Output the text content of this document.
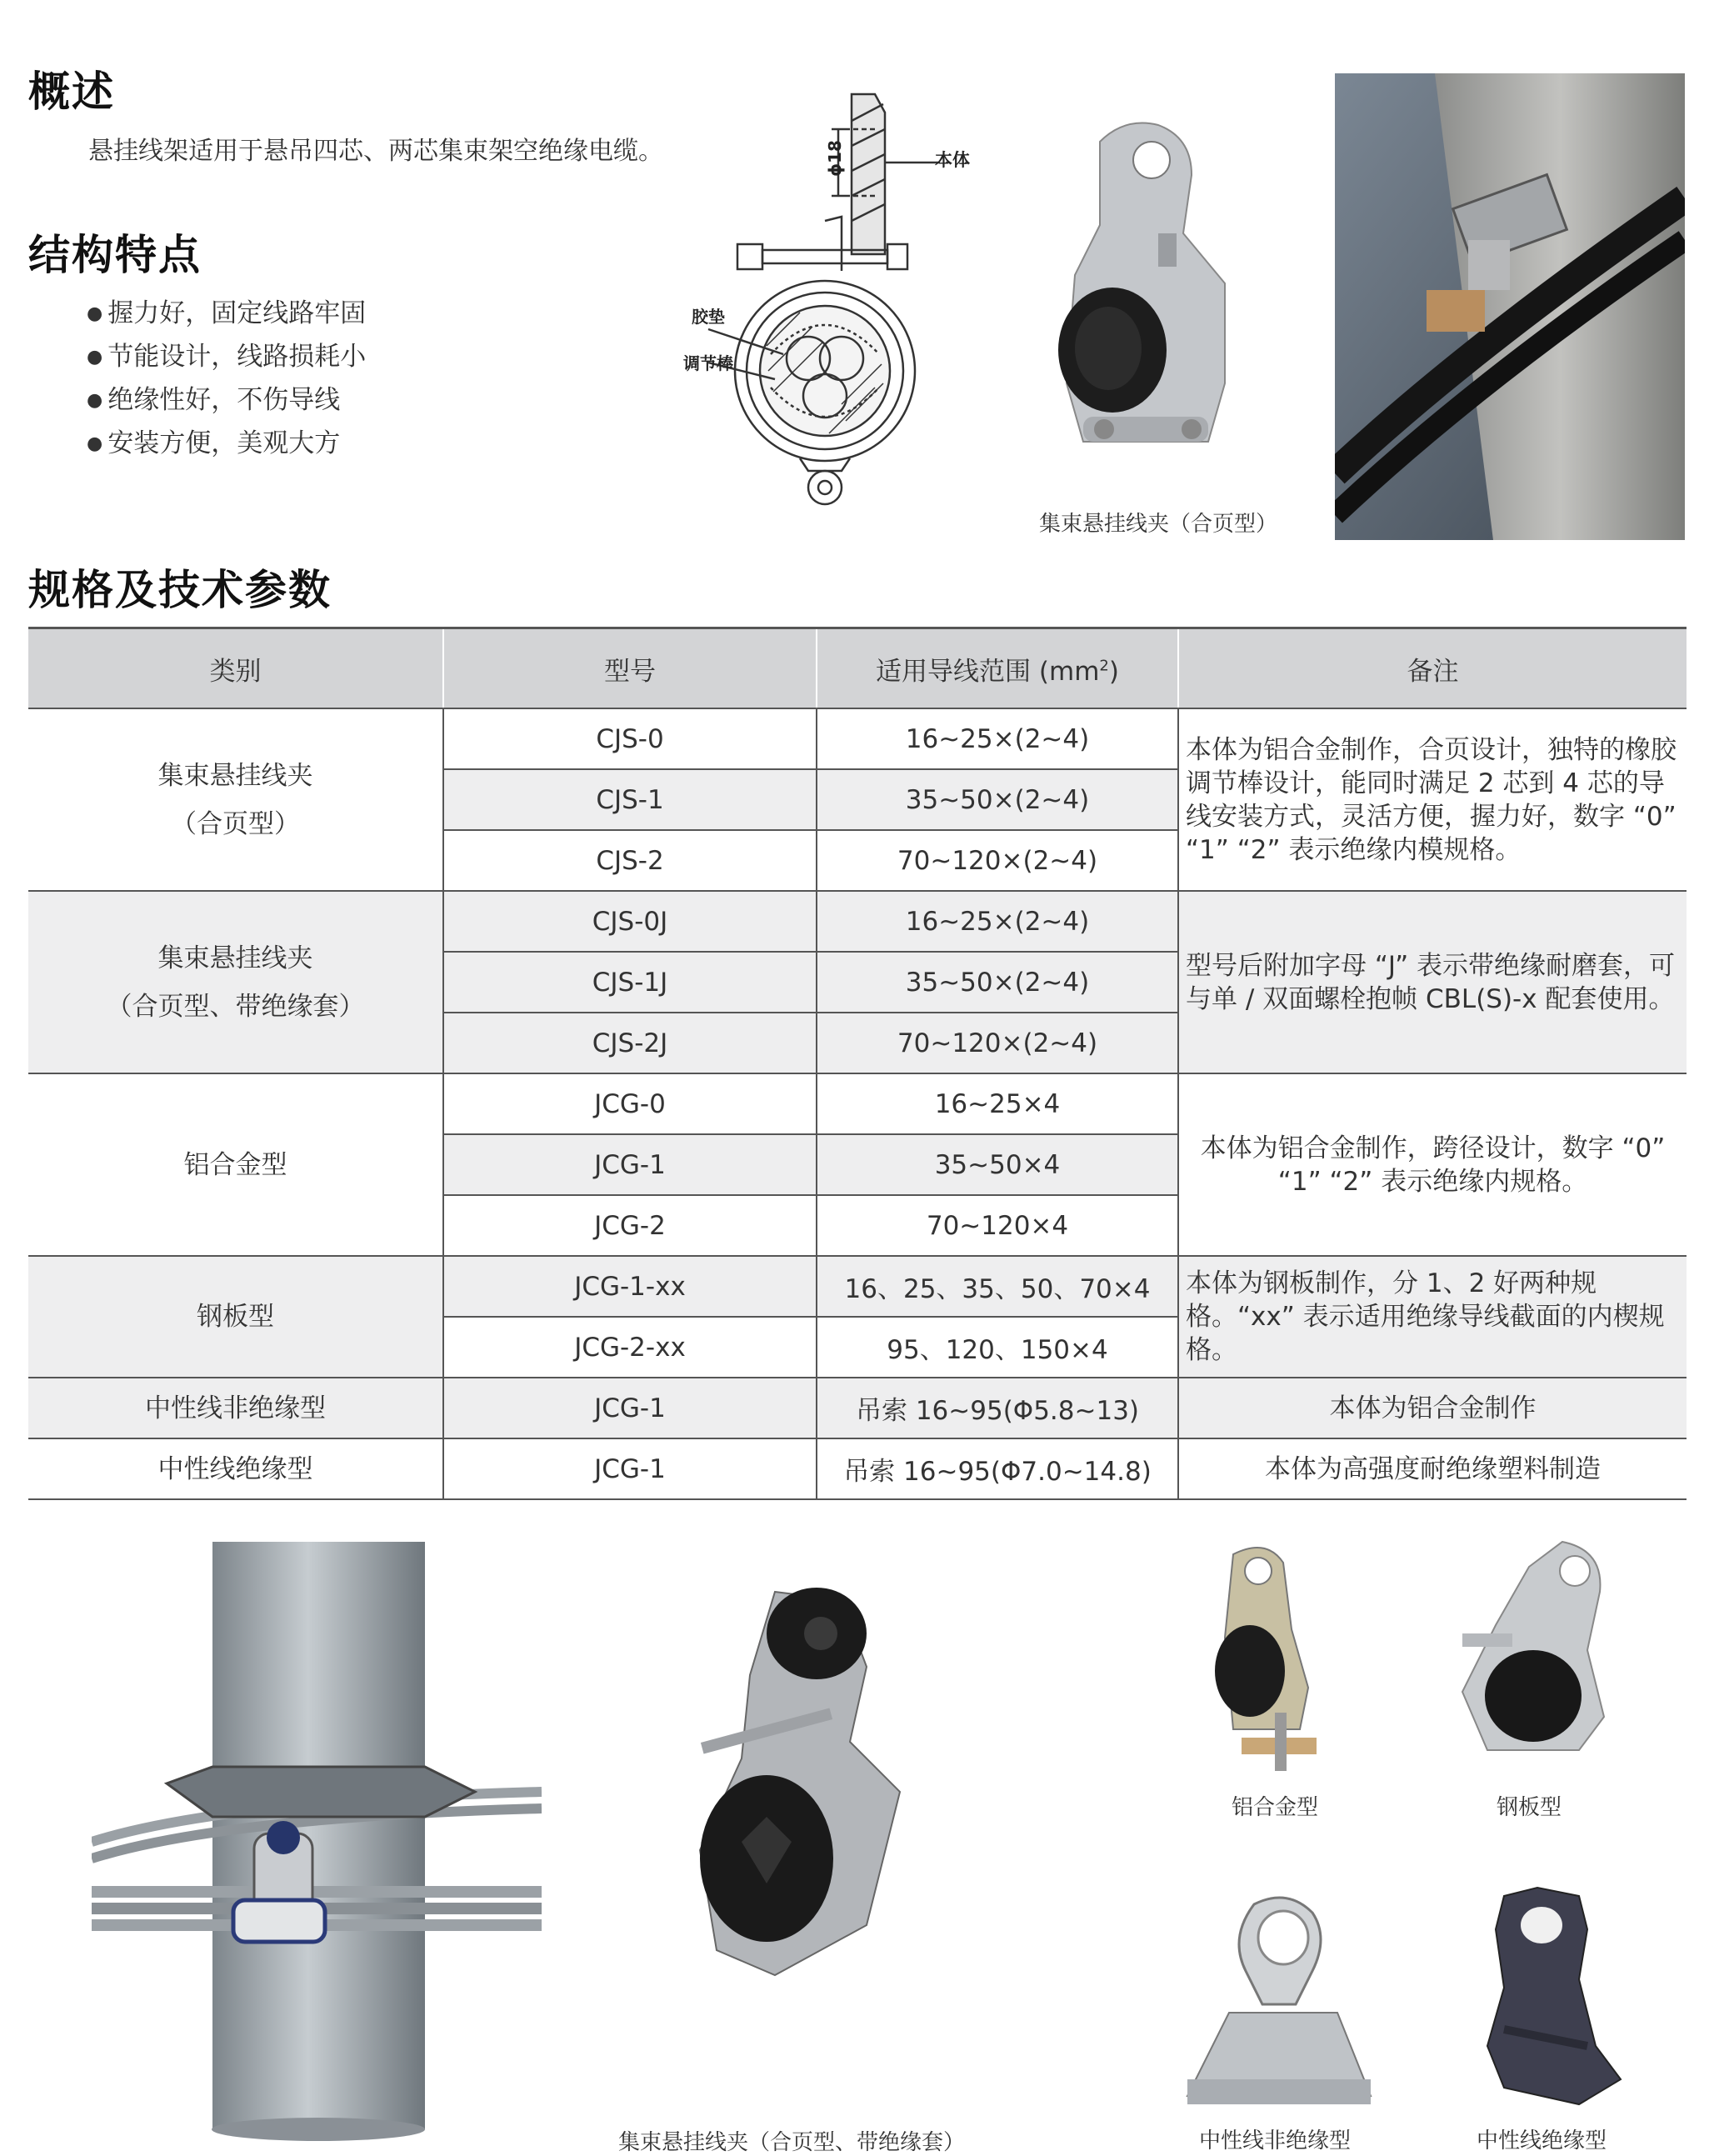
概述
悬挂线架适用于悬吊四芯、两芯集束架空绝缘电缆。
结构特点
● 握力好，固定线路牢固
● 节能设计，线路损耗小
● 绝缘性好，不伤导线
● 安装方便，美观大方
ϕ18	本体
胶垫
调节棒
集束悬挂线夹（合页型）
规格及技术参数
类别	型号	适用导线范围 $(mm^2)$	备注

集束悬挂线夹
（合页型）	CJS-0	16~25×(2~4)	本体为铝合金制作，合页设计，独特的橡胶调节棒设计，能同时满足 2 芯到 4 芯的导线安装方式，灵活方便，握力好，数字 “0” “1” “2” 表示绝缘内模规格。
	CJS-1	35~50×(2~4)	
	CJS-2	70~120×(2~4)	

集束悬挂线夹
（合页型、带绝缘套）	CJS-0J	16~25×(2~4)	型号后附加字母 “J” 表示带绝缘耐磨套，可与单 / 双面螺栓抱帧 CBL(S)-x 配套使用。
	CJS-1J	35~50×(2~4)	
	CJS-2J	70~120×(2~4)	
铝合金型	JCG-0	16~25×4	本体为铝合金制作，跨径设计，数字 “0” “1” “2” 表示绝缘内规格。
	JCG-1	35~50×4	
	JCG-2	70~120×4	
钢板型	JCG-1-xx	16、25、35、50、70×4	本体为钢板制作，分 1、2 好两种规格。“xx” 表示适用绝缘导线截面的内楔规格。
	JCG-2-xx	95、120、150×4	
中性线非绝缘型	JCG-1	吊索 16~95(Φ5.8~13)	本体为铝合金制作
中性线绝缘型	JCG-1	吊索 16~95(Φ7.0~14.8)	本体为高强度耐绝缘塑料制造
集束悬挂线夹（合页型、带绝缘套）
铝合金型	钢板型
中性线非绝缘型	中性线绝缘型
